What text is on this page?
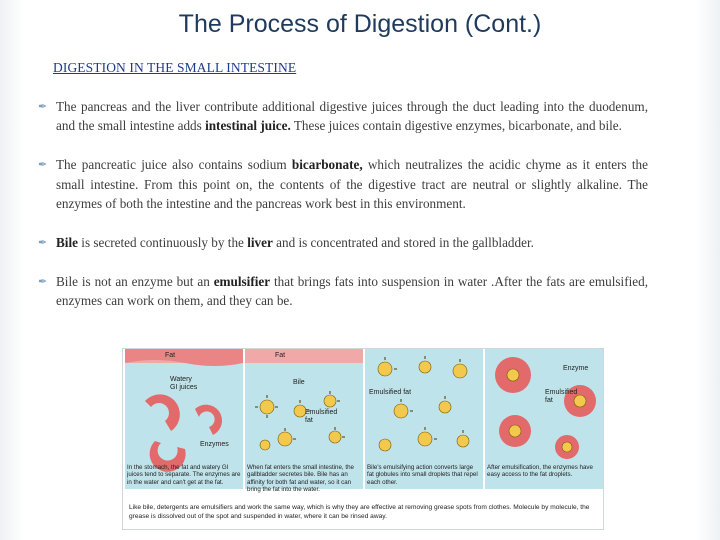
The Process of Digestion (Cont.)
DIGESTION IN THE SMALL INTESTINE
✒ The pancreas and the liver contribute additional digestive juices through the duct leading into the duodenum, and the small intestine adds intestinal juice. These juices contain digestive enzymes, bicarbonate, and bile.
✒ The pancreatic juice also contains sodium bicarbonate, which neutralizes the acidic chyme as it enters the small intestine. From this point on, the contents of the digestive tract are neutral or slightly alkaline. The enzymes of both the intestine and the pancreas work best in this environment.
✒ Bile is secreted continuously by the liver and is concentrated and stored in the gallbladder.
✒ Bile is not an enzyme but an emulsifier that brings fats into suspension in water .After the fats are emulsified, enzymes can work on them, and they can be.
Fat
Watery
GI juices
Enzymes
In the stomach, the fat and watery GI juices tend to separate. The enzymes are in the water and can't get at the fat.
Fat
Bile
Emulsified
fat
When fat enters the small intestine, the gallbladder secretes bile. Bile has an affinity for both fat and water, so it can bring the fat into the water.
Emulsified fat
Bile's emulsifying action converts large fat globules into small droplets that repel each other.
Enzyme
Emulsified
fat
After emulsification, the enzymes have easy access to the fat droplets.
Like bile, detergents are emulsifiers and work the same way, which is why they are effective at removing grease spots from clothes. Molecule by molecule, the grease is dissolved out of the spot and suspended in water, where it can be rinsed away.
